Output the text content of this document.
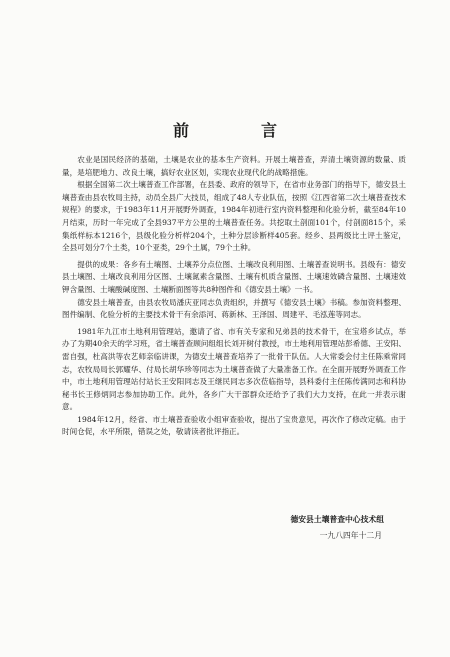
前　言

农业是国民经济的基础，土壤是农业的基本生产资料。开展土壤普查，弄清土壤资源的数量、质量，是培肥地力、改良土壤，搞好农业区划，实现农业现代化的战略措施。

根据全国第二次土壤普查工作部署，在县委、政府的领导下，在省市业务部门的指导下，德安县土壤普查由县农牧局主持，动员全县广大技员，组成了48人专业队伍，按照《江西省第二次土壤普查技术规程》的要求，于1983年11月开展野外调查，1984年初进行室内资料整理和化验分析，截至84年10月结束，历时一年完成了全县937平方公里的土壤普查任务。共挖取土剖面101个，付剖面815个，采集纸样标本1216个，县级化验分析样204个，土种分层诊断样405套。经乡、县两级比土评土鉴定，全县可划分7个土类，10个亚类，29个土属，79个土种。

提供的成果：各乡有土壤图、土壤养分点位图、土壤改良利用图、土壤普查说明书。县级有：德安县土壤图、土壤改良利用分区图、土壤氮素含量图、土壤有机质含量图、土壤速效磷含量图、土壤速效钾含量图、土壤酸碱度图、土壤断面图等共8种图件和《德安县土壤》一书。

德安县土壤普查，由县农牧局潘庆亚同志负责组织，并撰写《德安县土壤》书稿。参加资料整理、图件编制、化验分析的主要技术骨干有余添河、蒋新林、王泽国、周建平、毛泓莲等同志。

1981年九江市土地利用管理站，邀请了省、市有关专家和兄弟县的技术骨干，在宝塔乡试点，举办了为期40余天的学习班，省土壤普查顾问组组长刘开树付教授，市土地利用管理站彭希德、王安阳、雷自强，杜高洪等农艺师亲临讲课，为德安土壤普查培养了一批骨干队伍。人大常委会付主任陈乘常同志，农牧局局长郭耀华、付局长胡华珍等同志为土壤普查做了大量准备工作。在全面开展野外调查工作中，市土地利用管理站付站长王安阳同志及王继民同志多次莅临指导，县科委付主任陈传满同志和科协秘书长王修炳同志参加协助工作。此外，各乡广大干部群众还给予了我们大力支持，在此一并表示谢意。

1984年12月，经省、市土壤普查验收小组审查验收，提出了宝贵意见，再次作了修改定稿。由于时间仓促，水平所限，错误之处，敬请读者批评指正。

德安县土壤普查中心技术组
一九八四年十二月
